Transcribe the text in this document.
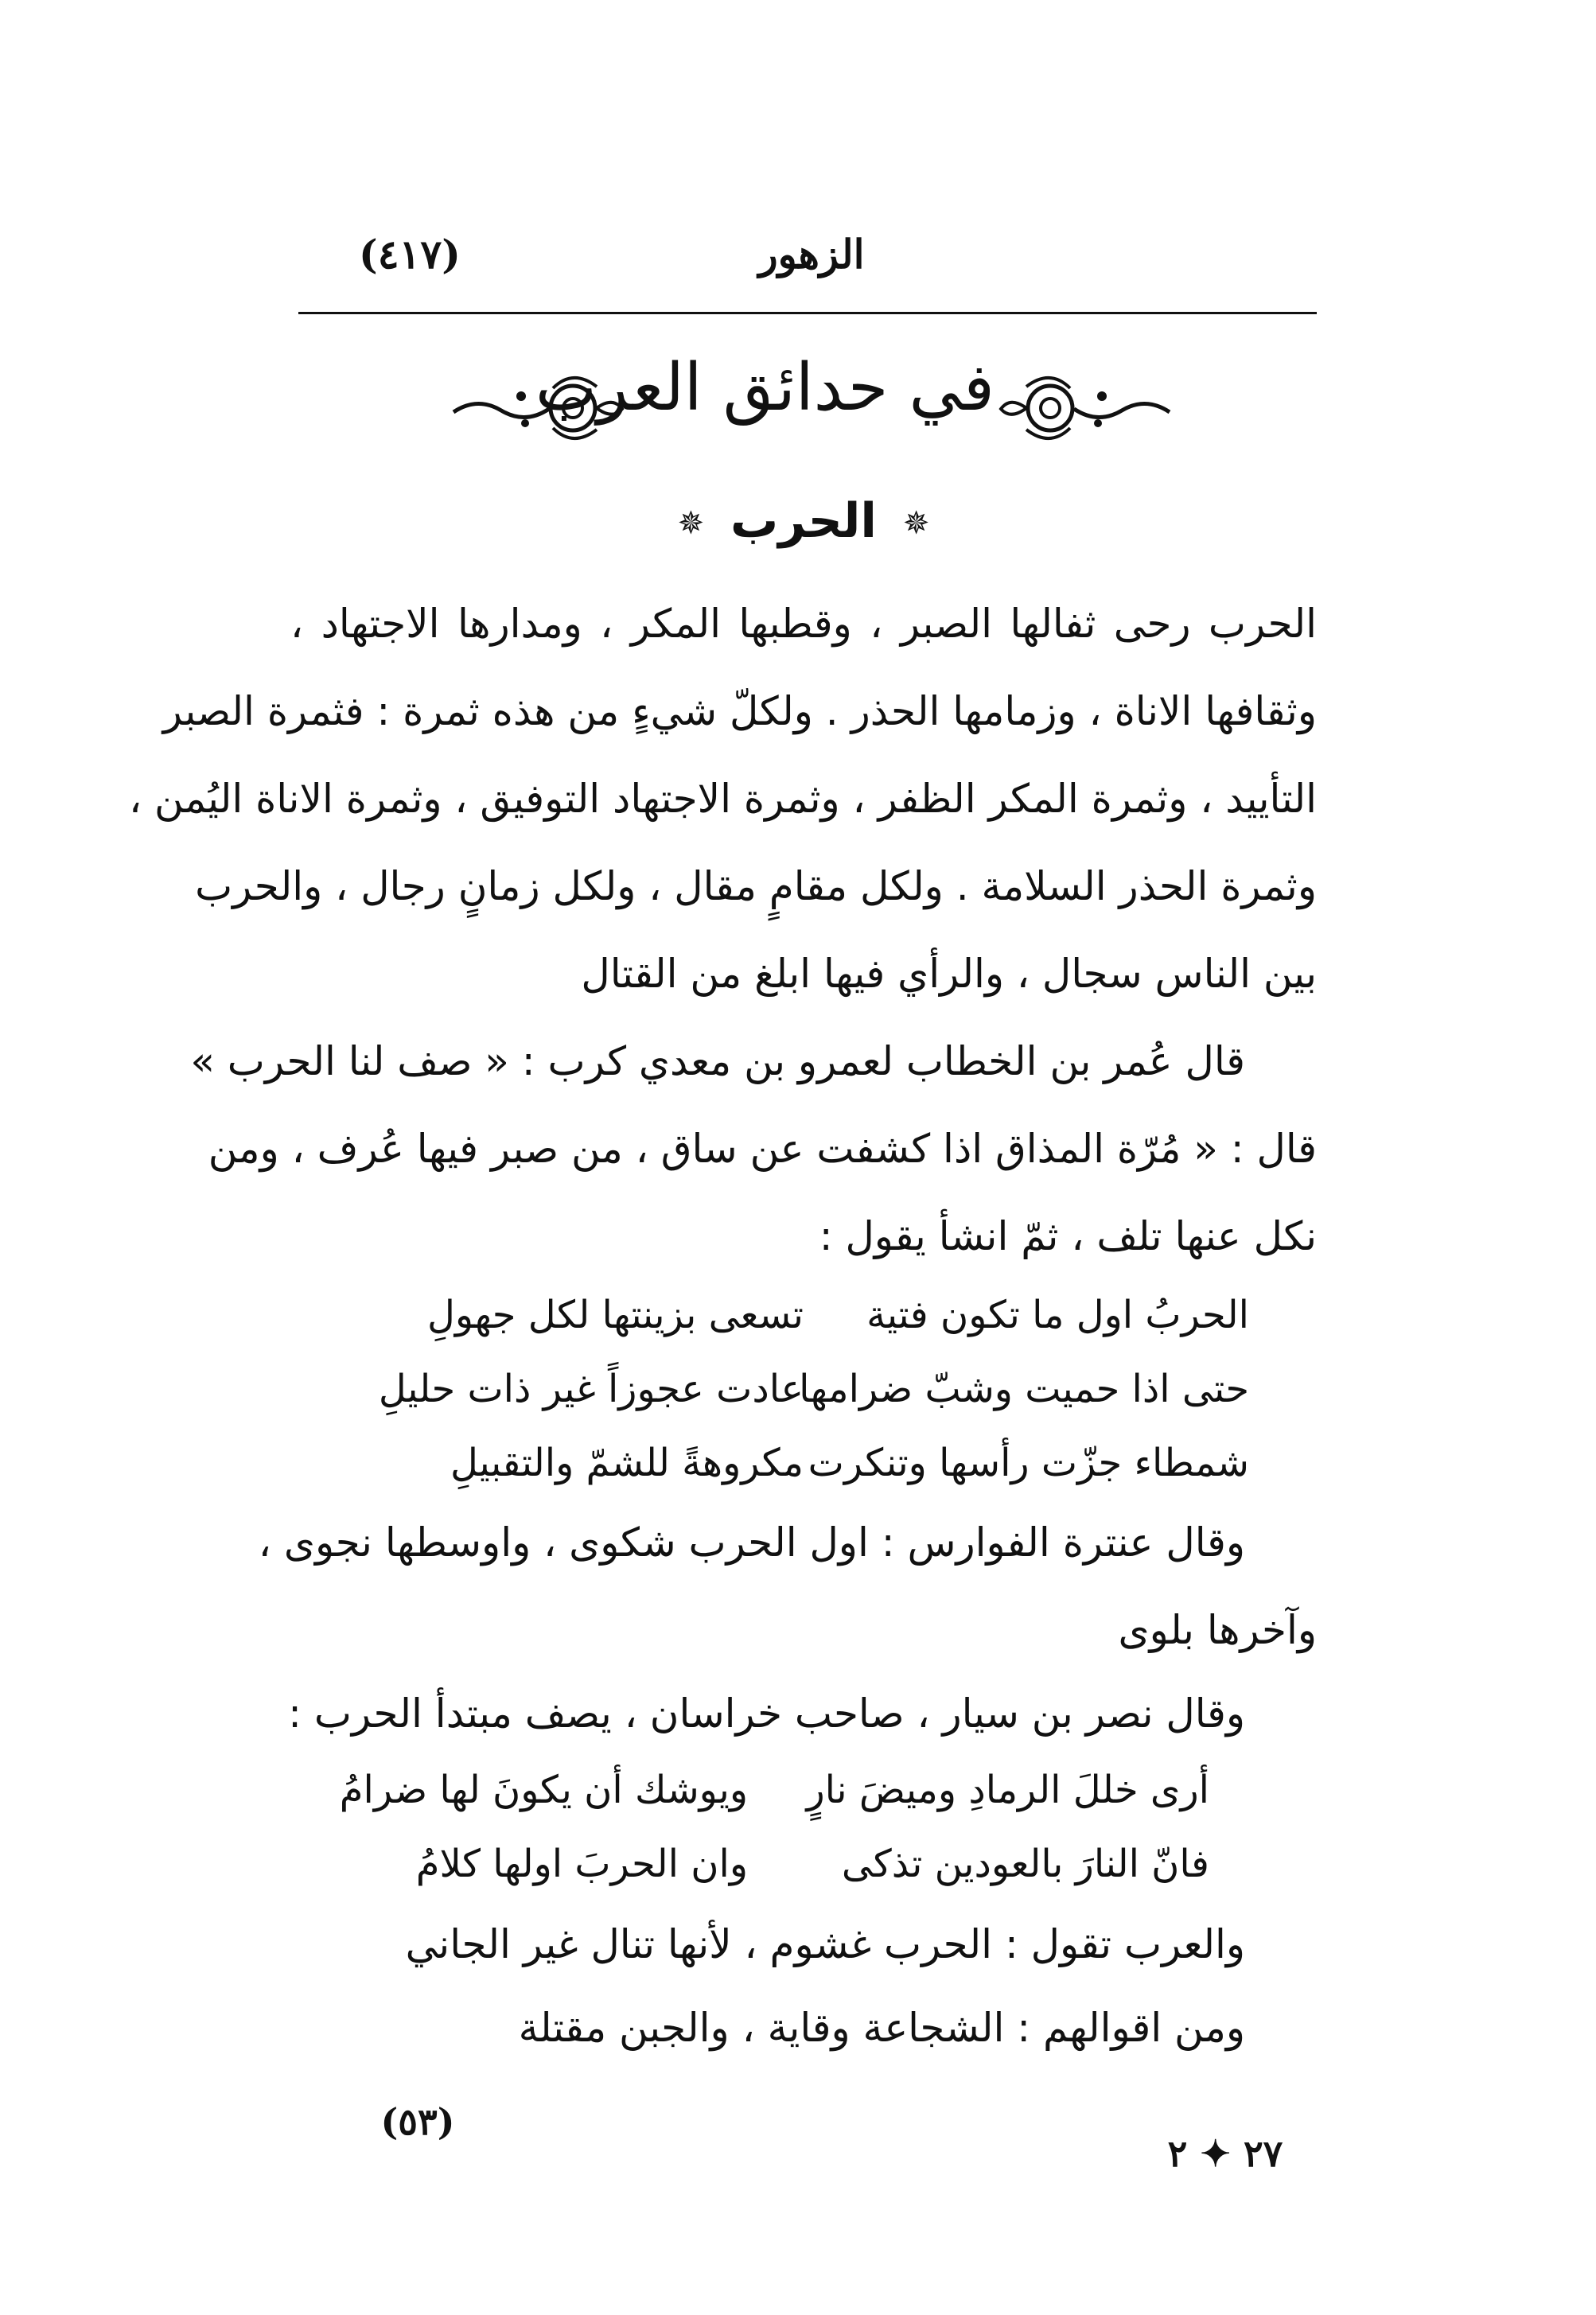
الزهور
(٤١٧)
في حدائق العرب
✵ الحرب ✵
الحرب رحى ثفالها الصبر ، وقطبها المكر ، ومدارها الاجتهاد ،
وثقافها الاناة ، وزمامها الحذر . ولكلّ شيءٍ من هذه ثمرة : فثمرة الصبر
التأييد ، وثمرة المكر الظفر ، وثمرة الاجتهاد التوفيق ، وثمرة الاناة اليُمن ،
وثمرة الحذر السلامة . ولكل مقامٍ مقال ، ولكل زمانٍ رجال ، والحرب
بين الناس سجال ، والرأي فيها ابلغ من القتال
قال عُمر بن الخطاب لعمرو بن معدي كرب : « صف لنا الحرب »
قال : « مُرّة المذاق اذا كشفت عن ساق ، من صبر فيها عُرف ، ومن
نكل عنها تلف ، ثمّ انشأ يقول :
الحربُ اول ما تكون فتية
تسعى بزينتها لكل جهولِ
حتى اذا حميت وشبّ ضرامها
عادت عجوزاً غير ذات حليلِ
شمطاء جزّت رأسها وتنكرت
مكروهةً للشمّ والتقبيلِ
وقال عنترة الفوارس : اول الحرب شكوى ، واوسطها نجوى ،
وآخرها بلوى
وقال نصر بن سيار ، صاحب خراسان ، يصف مبتدأ الحرب :
أرى خللَ الرمادِ وميضَ نارٍ
ويوشك أن يكونَ لها ضرامُ
فانّ النارَ بالعودين تذكى
وان الحربَ اولها كلامُ
والعرب تقول : الحرب غشوم ، لأنها تنال غير الجاني
ومن اقوالهم : الشجاعة وقاية ، والجبن مقتلة
(٥٣)
٢٧ ✦ ٢
